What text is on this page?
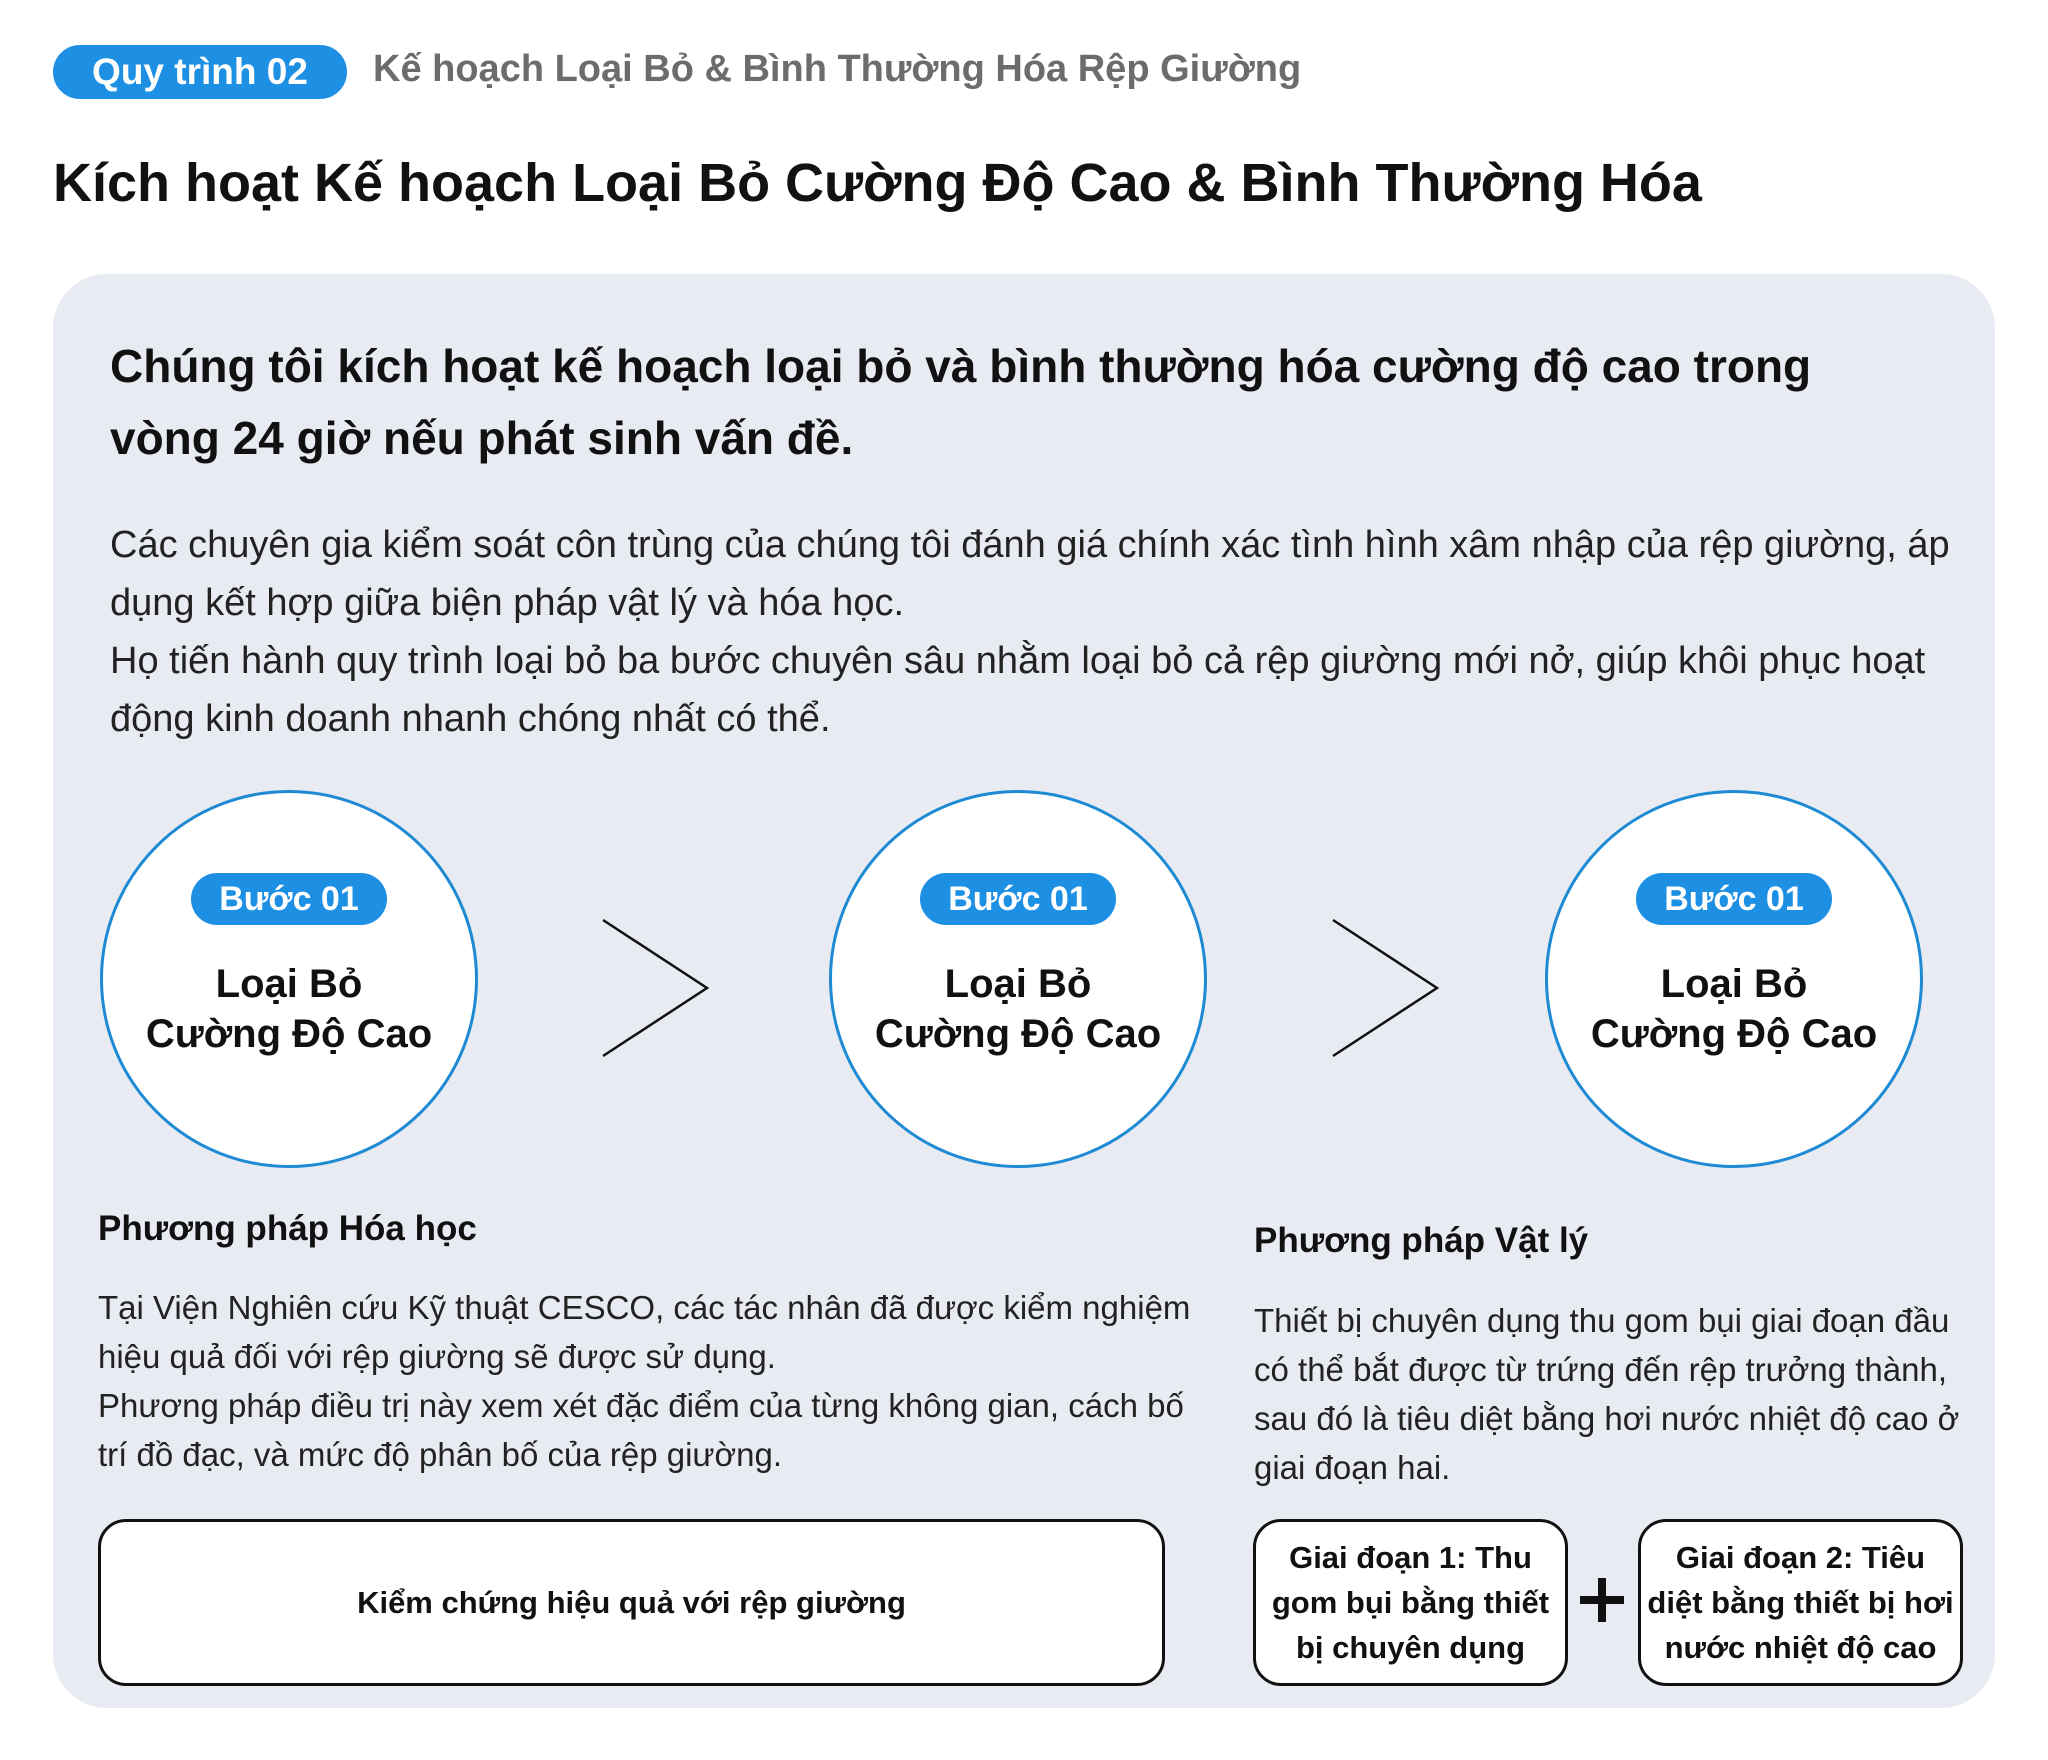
Quy trình 02	Kế hoạch Loại Bỏ & Bình Thường Hóa Rệp Giường
Kích hoạt Kế hoạch Loại Bỏ Cường Độ Cao & Bình Thường Hóa
Chúng tôi kích hoạt kế hoạch loại bỏ và bình thường hóa cường độ cao trong vòng 24 giờ nếu phát sinh vấn đề.
Các chuyên gia kiểm soát côn trùng của chúng tôi đánh giá chính xác tình hình xâm nhập của rệp giường, áp dụng kết hợp giữa biện pháp vật lý và hóa học.
Họ tiến hành quy trình loại bỏ ba bước chuyên sâu nhằm loại bỏ cả rệp giường mới nở, giúp khôi phục hoạt động kinh doanh nhanh chóng nhất có thể.
Bước 01
Loại Bỏ Cường Độ Cao
Bước 01
Loại Bỏ Cường Độ Cao
Bước 01
Loại Bỏ Cường Độ Cao
Phương pháp Hóa học
Tại Viện Nghiên cứu Kỹ thuật CESCO, các tác nhân đã được kiểm nghiệm hiệu quả đối với rệp giường sẽ được sử dụng.
Phương pháp điều trị này xem xét đặc điểm của từng không gian, cách bố trí đồ đạc, và mức độ phân bố của rệp giường.
Phương pháp Vật lý
Thiết bị chuyên dụng thu gom bụi giai đoạn đầu có thể bắt được từ trứng đến rệp trưởng thành, sau đó là tiêu diệt bằng hơi nước nhiệt độ cao ở giai đoạn hai.
Kiểm chứng hiệu quả với rệp giường
Giai đoạn 1: Thu gom bụi bằng thiết bị chuyên dụng
Giai đoạn 2: Tiêu diệt bằng thiết bị hơi nước nhiệt độ cao
